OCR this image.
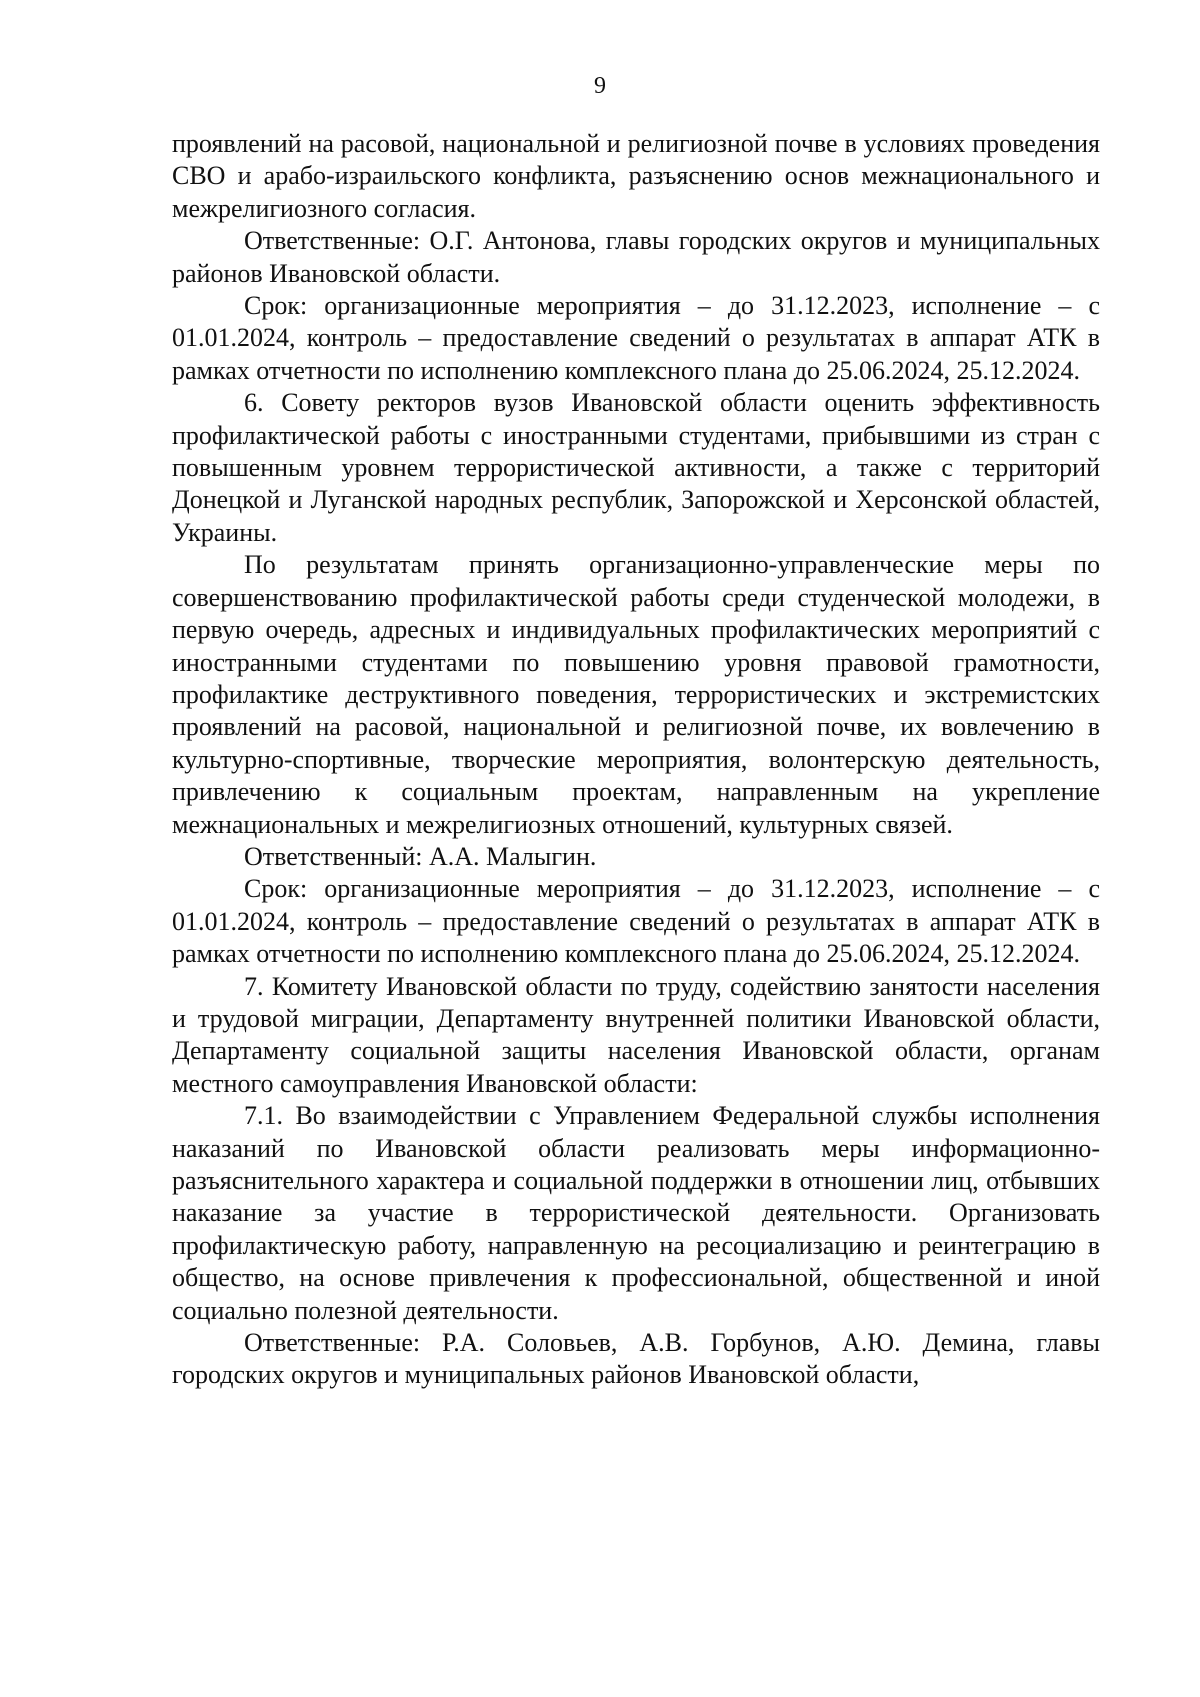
9

проявлений на расовой, национальной и религиозной почве в условиях проведения СВО и арабо-израильского конфликта, разъяснению основ межнационального и межрелигиозного согласия.

Ответственные: О.Г. Антонова, главы городских округов и муниципальных районов Ивановской области.

Срок: организационные мероприятия – до 31.12.2023, исполнение – с 01.01.2024, контроль – предоставление сведений о результатах в аппарат АТК в рамках отчетности по исполнению комплексного плана до 25.06.2024, 25.12.2024.

6. Совету ректоров вузов Ивановской области оценить эффективность профилактической работы с иностранными студентами, прибывшими из стран с повышенным уровнем террористической активности, а также с территорий Донецкой и Луганской народных республик, Запорожской и Херсонской областей, Украины.

По результатам принять организационно-управленческие меры по совершенствованию профилактической работы среди студенческой молодежи, в первую очередь, адресных и индивидуальных профилактических мероприятий с иностранными студентами по повышению уровня правовой грамотности, профилактике деструктивного поведения, террористических и экстремистских проявлений на расовой, национальной и религиозной почве, их вовлечению в культурно-спортивные, творческие мероприятия, волонтерскую деятельность, привлечению к социальным проектам, направленным на укрепление межнациональных и межрелигиозных отношений, культурных связей.

Ответственный: А.А. Малыгин.

Срок: организационные мероприятия – до 31.12.2023, исполнение – с 01.01.2024, контроль – предоставление сведений о результатах в аппарат АТК в рамках отчетности по исполнению комплексного плана до 25.06.2024, 25.12.2024.

7. Комитету Ивановской области по труду, содействию занятости населения и трудовой миграции, Департаменту внутренней политики Ивановской области, Департаменту социальной защиты населения Ивановской области, органам местного самоуправления Ивановской области:

7.1. Во взаимодействии с Управлением Федеральной службы исполнения наказаний по Ивановской области реализовать меры информационно-разъяснительного характера и социальной поддержки в отношении лиц, отбывших наказание за участие в террористической деятельности. Организовать профилактическую работу, направленную на ресоциализацию и реинтеграцию в общество, на основе привлечения к профессиональной, общественной и иной социально полезной деятельности.

Ответственные: Р.А. Соловьев, А.В. Горбунов, А.Ю. Демина, главы городских округов и муниципальных районов Ивановской области,
